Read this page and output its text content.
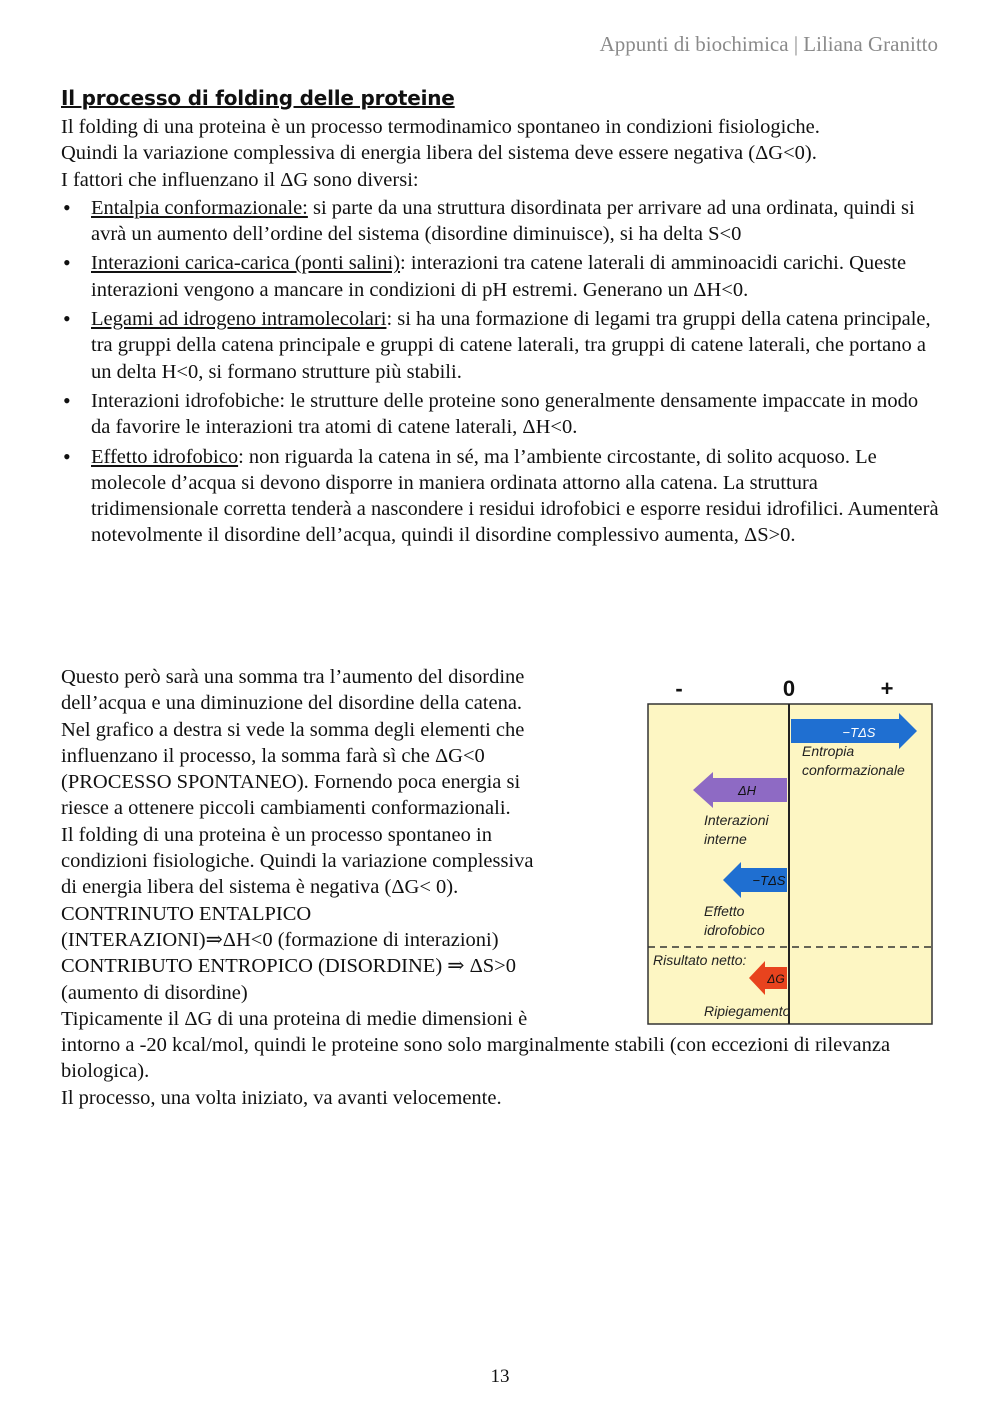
Appunti di biochimica | Liliana Granitto
Il processo di folding delle proteine

Il folding di una proteina è un processo termodinamico spontaneo in condizioni fisiologiche.

Quindi la variazione complessiva di energia libera del sistema deve essere negativa (ΔG<0).

I fattori che influenzano il ΔG sono diversi:

• Entalpia conformazionale: si parte da una struttura disordinata per arrivare ad una ordinata, quindi si avrà un aumento dell’ordine del sistema (disordine diminuisce), si ha delta S<0
• Interazioni carica-carica (ponti salini): interazioni tra catene laterali di amminoacidi carichi. Queste interazioni vengono a mancare in condizioni di pH estremi. Generano un ΔH<0.
• Legami ad idrogeno intramolecolari: si ha una formazione di legami tra gruppi della catena principale, tra gruppi della catena principale e gruppi di catene laterali, tra gruppi di catene laterali, che portano a un delta H<0, si formano strutture più stabili.
• Interazioni idrofobiche: le strutture delle proteine sono generalmente densamente impaccate in modo da favorire le interazioni tra atomi di catene laterali, ΔH<0.
• Effetto idrofobico: non riguarda la catena in sé, ma l’ambiente circostante, di solito acquoso. Le molecole d’acqua si devono disporre in maniera ordinata attorno alla catena. La struttura tridimensionale corretta tenderà a nascondere i residui idrofobici e esporre residui idrofilici. Aumenterà notevolmente il disordine dell’acqua, quindi il disordine complessivo aumenta, ΔS>0.

Questo però sarà una somma tra l’aumento del disordine

dell’acqua e una diminuzione del disordine della catena.

Nel grafico a destra si vede la somma degli elementi che

influenzano il processo, la somma farà sì che ΔG<0

(PROCESSO SPONTANEO). Fornendo poca energia si

riesce a ottenere piccoli cambiamenti conformazionali.

Il folding di una proteina è un processo spontaneo in

condizioni fisiologiche. Quindi la variazione complessiva

di energia libera del sistema è negativa (ΔG< 0).

CONTRINUTO ENTALPICO

(INTERAZIONI)⇒ΔH<0 (formazione di interazioni)

CONTRIBUTO ENTROPICO (DISORDINE) ⇒ ΔS>0

(aumento di disordine)

Tipicamente il ΔG di una proteina di medie dimensioni è

intorno a -20 kcal/mol, quindi le proteine sono solo marginalmente stabili (con eccezioni di rilevanza biologica).

Il processo, una volta iniziato, va avanti velocemente.

-	0	+
−TΔS
Entropia
conformazionale
ΔH
Interazioni
interne
−TΔS
Effetto
idrofobico
Risultato netto:
ΔG
Ripiegamento
13
